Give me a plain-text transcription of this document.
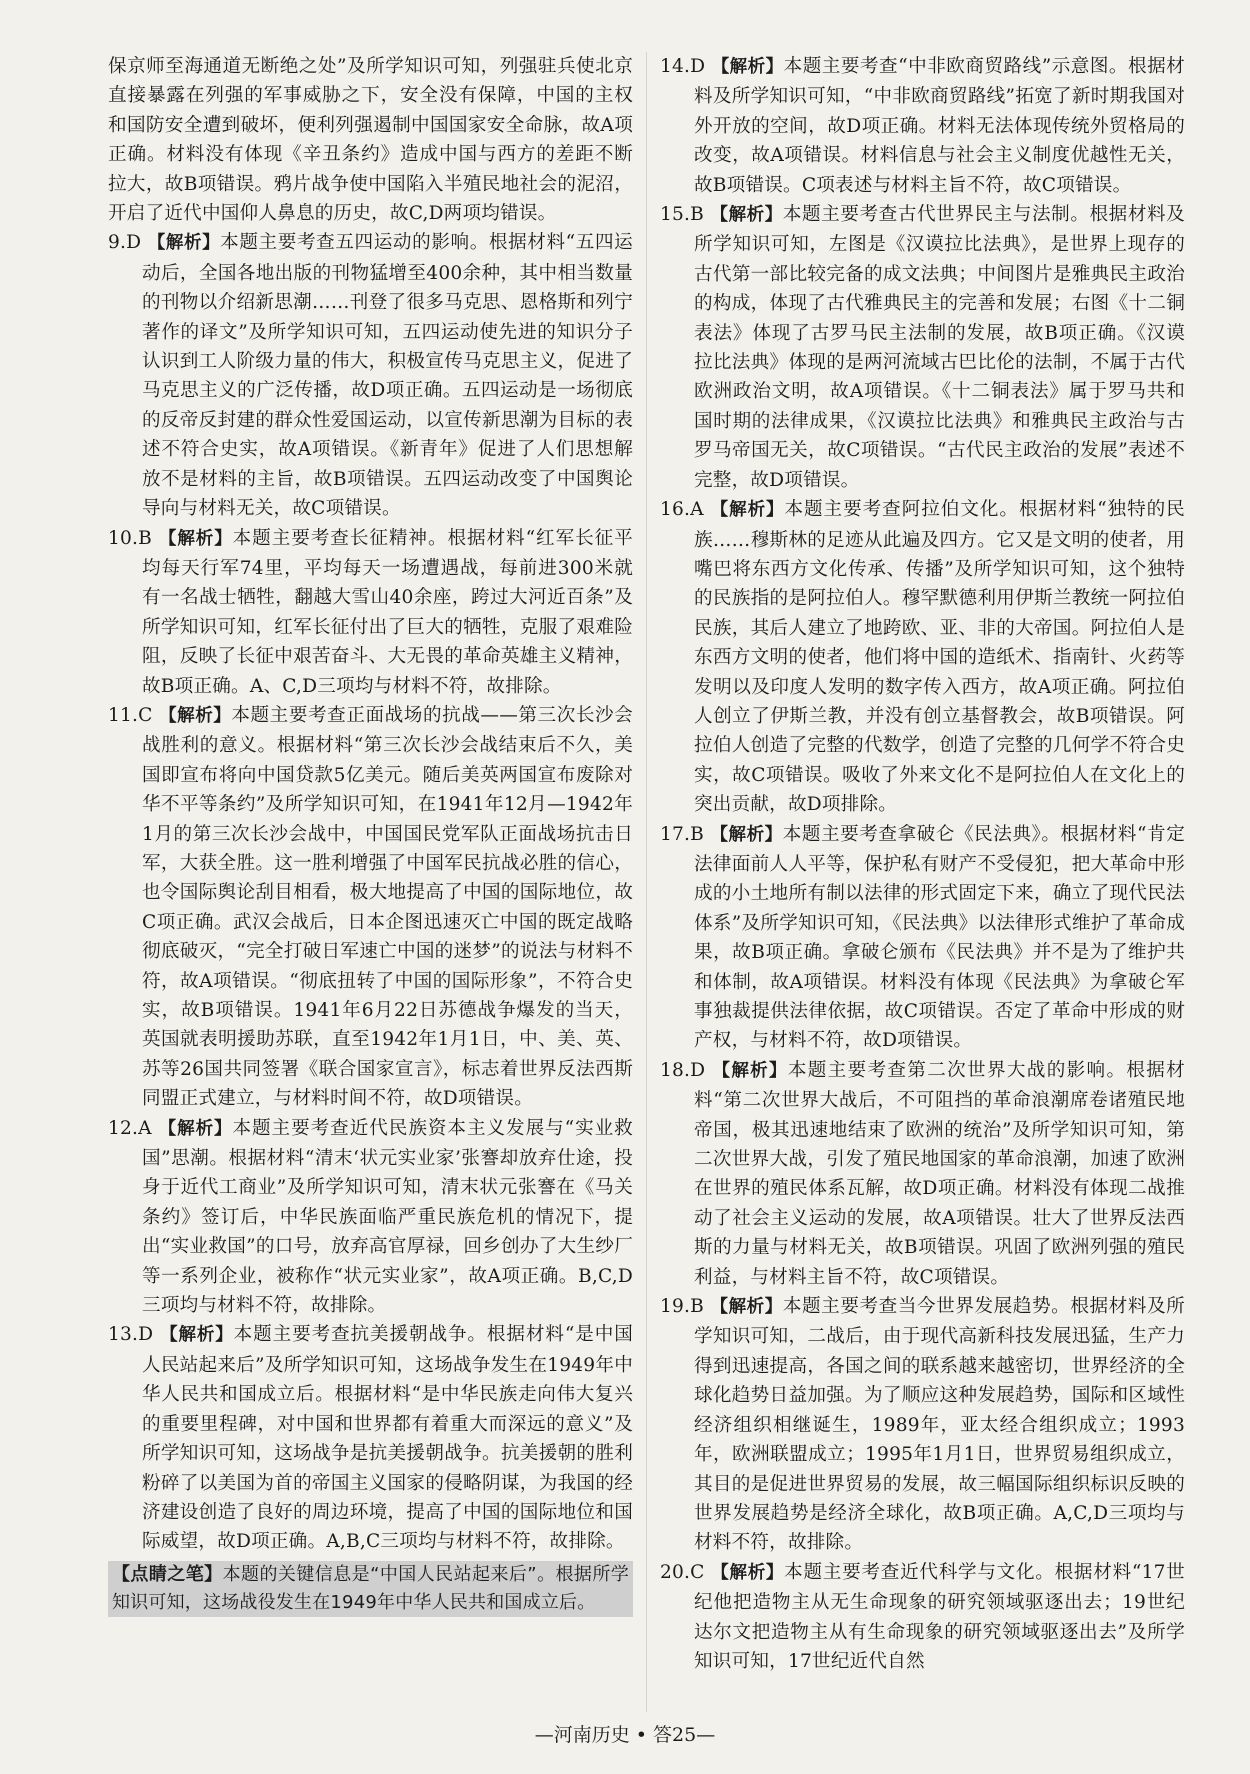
保京师至海通道无断绝之处”及所学知识可知，列强驻兵使北京直接暴露在列强的军事威胁之下，安全没有保障，中国的主权和国防安全遭到破坏，便利列强遏制中国国家安全命脉，故A项正确。材料没有体现《辛丑条约》造成中国与西方的差距不断拉大，故B项错误。鸦片战争使中国陷入半殖民地社会的泥沼，开启了近代中国仰人鼻息的历史，故C,D两项均错误。

9.D 【解析】本题主要考查五四运动的影响。根据材料“五四运动后，全国各地出版的刊物猛增至400余种，其中相当数量的刊物以介绍新思潮……刊登了很多马克思、恩格斯和列宁著作的译文”及所学知识可知，五四运动使先进的知识分子认识到工人阶级力量的伟大，积极宣传马克思主义，促进了马克思主义的广泛传播，故D项正确。五四运动是一场彻底的反帝反封建的群众性爱国运动，以宣传新思潮为目标的表述不符合史实，故A项错误。《新青年》促进了人们思想解放不是材料的主旨，故B项错误。五四运动改变了中国舆论导向与材料无关，故C项错误。

10.B 【解析】本题主要考查长征精神。根据材料“红军长征平均每天行军74里，平均每天一场遭遇战，每前进300米就有一名战士牺牲，翻越大雪山40余座，跨过大河近百条”及所学知识可知，红军长征付出了巨大的牺牲，克服了艰难险阻，反映了长征中艰苦奋斗、大无畏的革命英雄主义精神，故B项正确。A、C,D三项均与材料不符，故排除。

11.C 【解析】本题主要考查正面战场的抗战——第三次长沙会战胜利的意义。根据材料“第三次长沙会战结束后不久，美国即宣布将向中国贷款5亿美元。随后美英两国宣布废除对华不平等条约”及所学知识可知，在1941年12月—1942年1月的第三次长沙会战中，中国国民党军队正面战场抗击日军，大获全胜。这一胜利增强了中国军民抗战必胜的信心，也令国际舆论刮目相看，极大地提高了中国的国际地位，故C项正确。武汉会战后，日本企图迅速灭亡中国的既定战略彻底破灭，“完全打破日军速亡中国的迷梦”的说法与材料不符，故A项错误。“彻底扭转了中国的国际形象”，不符合史实，故B项错误。1941年6月22日苏德战争爆发的当天，英国就表明援助苏联，直至1942年1月1日，中、美、英、苏等26国共同签署《联合国家宣言》，标志着世界反法西斯同盟正式建立，与材料时间不符，故D项错误。

12.A 【解析】本题主要考查近代民族资本主义发展与“实业救国”思潮。根据材料“清末‘状元实业家’张謇却放弃仕途，投身于近代工商业”及所学知识可知，清末状元张謇在《马关条约》签订后，中华民族面临严重民族危机的情况下，提出“实业救国”的口号，放弃高官厚禄，回乡创办了大生纱厂等一系列企业，被称作“状元实业家”，故A项正确。B,C,D三项均与材料不符，故排除。

13.D 【解析】本题主要考查抗美援朝战争。根据材料“是中国人民站起来后”及所学知识可知，这场战争发生在1949年中华人民共和国成立后。根据材料“是中华民族走向伟大复兴的重要里程碑，对中国和世界都有着重大而深远的意义”及所学知识可知，这场战争是抗美援朝战争。抗美援朝的胜利粉碎了以美国为首的帝国主义国家的侵略阴谋，为我国的经济建设创造了良好的周边环境，提高了中国的国际地位和国际威望，故D项正确。A,B,C三项均与材料不符，故排除。

【点睛之笔】本题的关键信息是“中国人民站起来后”。根据所学知识可知，这场战役发生在1949年中华人民共和国成立后。

14.D 【解析】本题主要考查“中非欧商贸路线”示意图。根据材料及所学知识可知，“中非欧商贸路线”拓宽了新时期我国对外开放的空间，故D项正确。材料无法体现传统外贸格局的改变，故A项错误。材料信息与社会主义制度优越性无关，故B项错误。C项表述与材料主旨不符，故C项错误。

15.B 【解析】本题主要考查古代世界民主与法制。根据材料及所学知识可知，左图是《汉谟拉比法典》，是世界上现存的古代第一部比较完备的成文法典；中间图片是雅典民主政治的构成，体现了古代雅典民主的完善和发展；右图《十二铜表法》体现了古罗马民主法制的发展，故B项正确。《汉谟拉比法典》体现的是两河流域古巴比伦的法制，不属于古代欧洲政治文明，故A项错误。《十二铜表法》属于罗马共和国时期的法律成果，《汉谟拉比法典》和雅典民主政治与古罗马帝国无关，故C项错误。“古代民主政治的发展”表述不完整，故D项错误。

16.A 【解析】本题主要考查阿拉伯文化。根据材料“独特的民族……穆斯林的足迹从此遍及四方。它又是文明的使者，用嘴巴将东西方文化传承、传播”及所学知识可知，这个独特的民族指的是阿拉伯人。穆罕默德利用伊斯兰教统一阿拉伯民族，其后人建立了地跨欧、亚、非的大帝国。阿拉伯人是东西方文明的使者，他们将中国的造纸术、指南针、火药等发明以及印度人发明的数字传入西方，故A项正确。阿拉伯人创立了伊斯兰教，并没有创立基督教会，故B项错误。阿拉伯人创造了完整的代数学，创造了完整的几何学不符合史实，故C项错误。吸收了外来文化不是阿拉伯人在文化上的突出贡献，故D项排除。

17.B 【解析】本题主要考查拿破仑《民法典》。根据材料“肯定法律面前人人平等，保护私有财产不受侵犯，把大革命中形成的小土地所有制以法律的形式固定下来，确立了现代民法体系”及所学知识可知，《民法典》以法律形式维护了革命成果，故B项正确。拿破仑颁布《民法典》并不是为了维护共和体制，故A项错误。材料没有体现《民法典》为拿破仑军事独裁提供法律依据，故C项错误。否定了革命中形成的财产权，与材料不符，故D项错误。

18.D 【解析】本题主要考查第二次世界大战的影响。根据材料“第二次世界大战后，不可阻挡的革命浪潮席卷诸殖民地帝国，极其迅速地结束了欧洲的统治”及所学知识可知，第二次世界大战，引发了殖民地国家的革命浪潮，加速了欧洲在世界的殖民体系瓦解，故D项正确。材料没有体现二战推动了社会主义运动的发展，故A项错误。壮大了世界反法西斯的力量与材料无关，故B项错误。巩固了欧洲列强的殖民利益，与材料主旨不符，故C项错误。

19.B 【解析】本题主要考查当今世界发展趋势。根据材料及所学知识可知，二战后，由于现代高新科技发展迅猛，生产力得到迅速提高，各国之间的联系越来越密切，世界经济的全球化趋势日益加强。为了顺应这种发展趋势，国际和区域性经济组织相继诞生，1989年，亚太经合组织成立；1993年，欧洲联盟成立；1995年1月1日，世界贸易组织成立，其目的是促进世界贸易的发展，故三幅国际组织标识反映的世界发展趋势是经济全球化，故B项正确。A,C,D三项均与材料不符，故排除。

20.C 【解析】本题主要考查近代科学与文化。根据材料“17世纪他把造物主从无生命现象的研究领域驱逐出去；19世纪达尔文把造物主从有生命现象的研究领域驱逐出去”及所学知识可知，17世纪近代自然

—河南历史 • 答25—
